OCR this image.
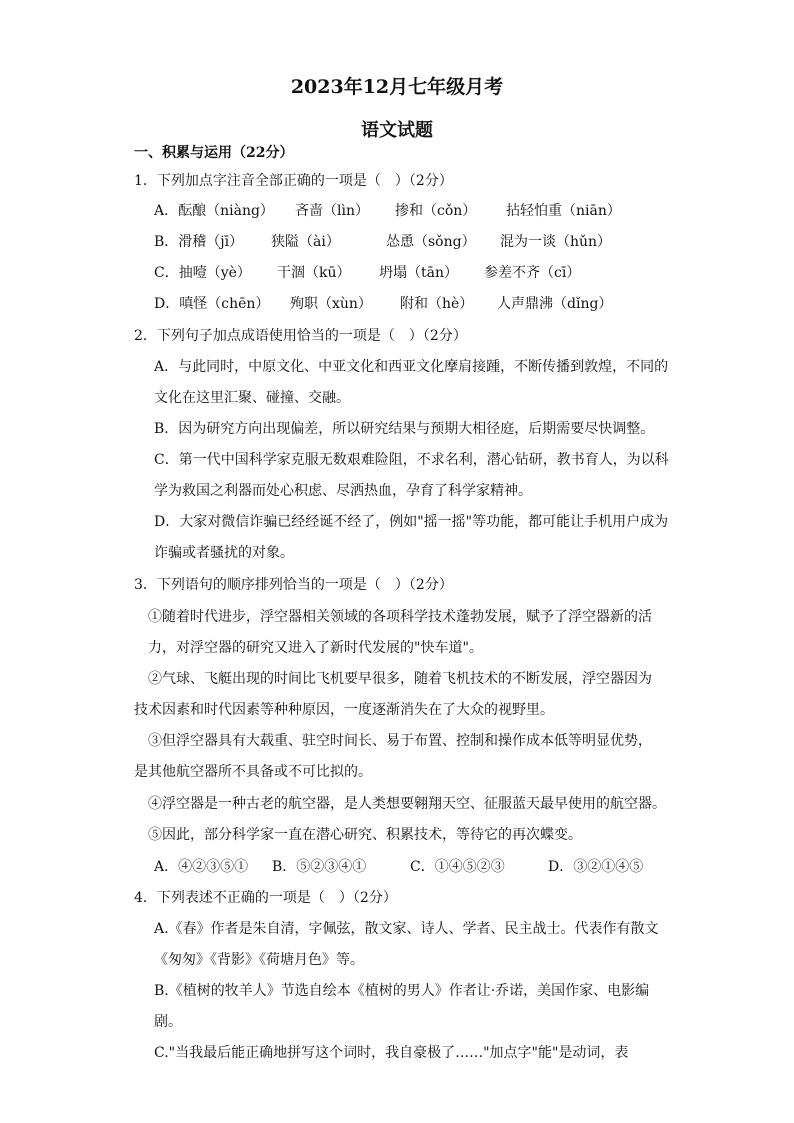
2023年12月七年级月考
语文试题
一、积累与运用（22分）
1．下列加点字注音全部正确的一项是（　）（2分）
A．酝酿（niàng） 吝啬（lìn） 掺和（cǒn） 拈轻怕重（niān）
B．滑稽（jī） 狭隘（ài）	怂恿（sǒng） 混为一谈（hǔn）
C．抽噎（yè） 干涸（kū） 坍塌（tān） 参差不齐（cī）
D．嗔怪（chēn） 殉职（xùn） 附和（hè） 人声鼎沸（dǐng）
2．下列句子加点成语使用恰当的一项是（　）（2分）
A．与此同时，中原文化、中亚文化和西亚文化摩肩接踵，不断传播到敦煌，不同的
文化在这里汇聚、碰撞、交融。
B．因为研究方向出现偏差，所以研究结果与预期大相径庭，后期需要尽快调整。
C．第一代中国科学家克服无数艰难险阻，不求名利，潜心钻研，教书育人，为以科
学为救国之利器而处心积虑、尽洒热血，孕育了科学家精神。
D．大家对微信诈骗已经经诞不经了，例如"摇一摇"等功能，都可能让手机用户成为
诈骗或者骚扰的对象。
3．下列语句的顺序排列恰当的一项是（　）（2分）
①随着时代进步，浮空器相关领域的各项科学技术蓬勃发展，赋予了浮空器新的活
力，对浮空器的研究又进入了新时代发展的"快车道"。
②气球、飞艇出现的时间比飞机要早很多，随着飞机技术的不断发展，浮空器因为
技术因素和时代因素等种种原因，一度逐渐消失在了大众的视野里。
③但浮空器具有大载重、驻空时间长、易于布置、控制和操作成本低等明显优势，
是其他航空器所不具备或不可比拟的。
④浮空器是一种古老的航空器，是人类想要翱翔天空、征服蓝天最早使用的航空器。
⑤因此，部分科学家一直在潜心研究、积累技术，等待它的再次蝶变。
A．④②③⑤① B．⑤②③④①	C．①④⑤②③	D．③②①④⑤
4．下列表述不正确的一项是（　）（2分）
A.《春》作者是朱自清，字佩弦，散文家、诗人、学者、民主战士。代表作有散文
《匆匆》《背影》《荷塘月色》等。
B.《植树的牧羊人》节选自绘本《植树的男人》作者让·乔诺，美国作家、电影编
剧。
C."当我最后能正确地拼写这个词时，我自豪极了……"加点字"能"是动词，表
